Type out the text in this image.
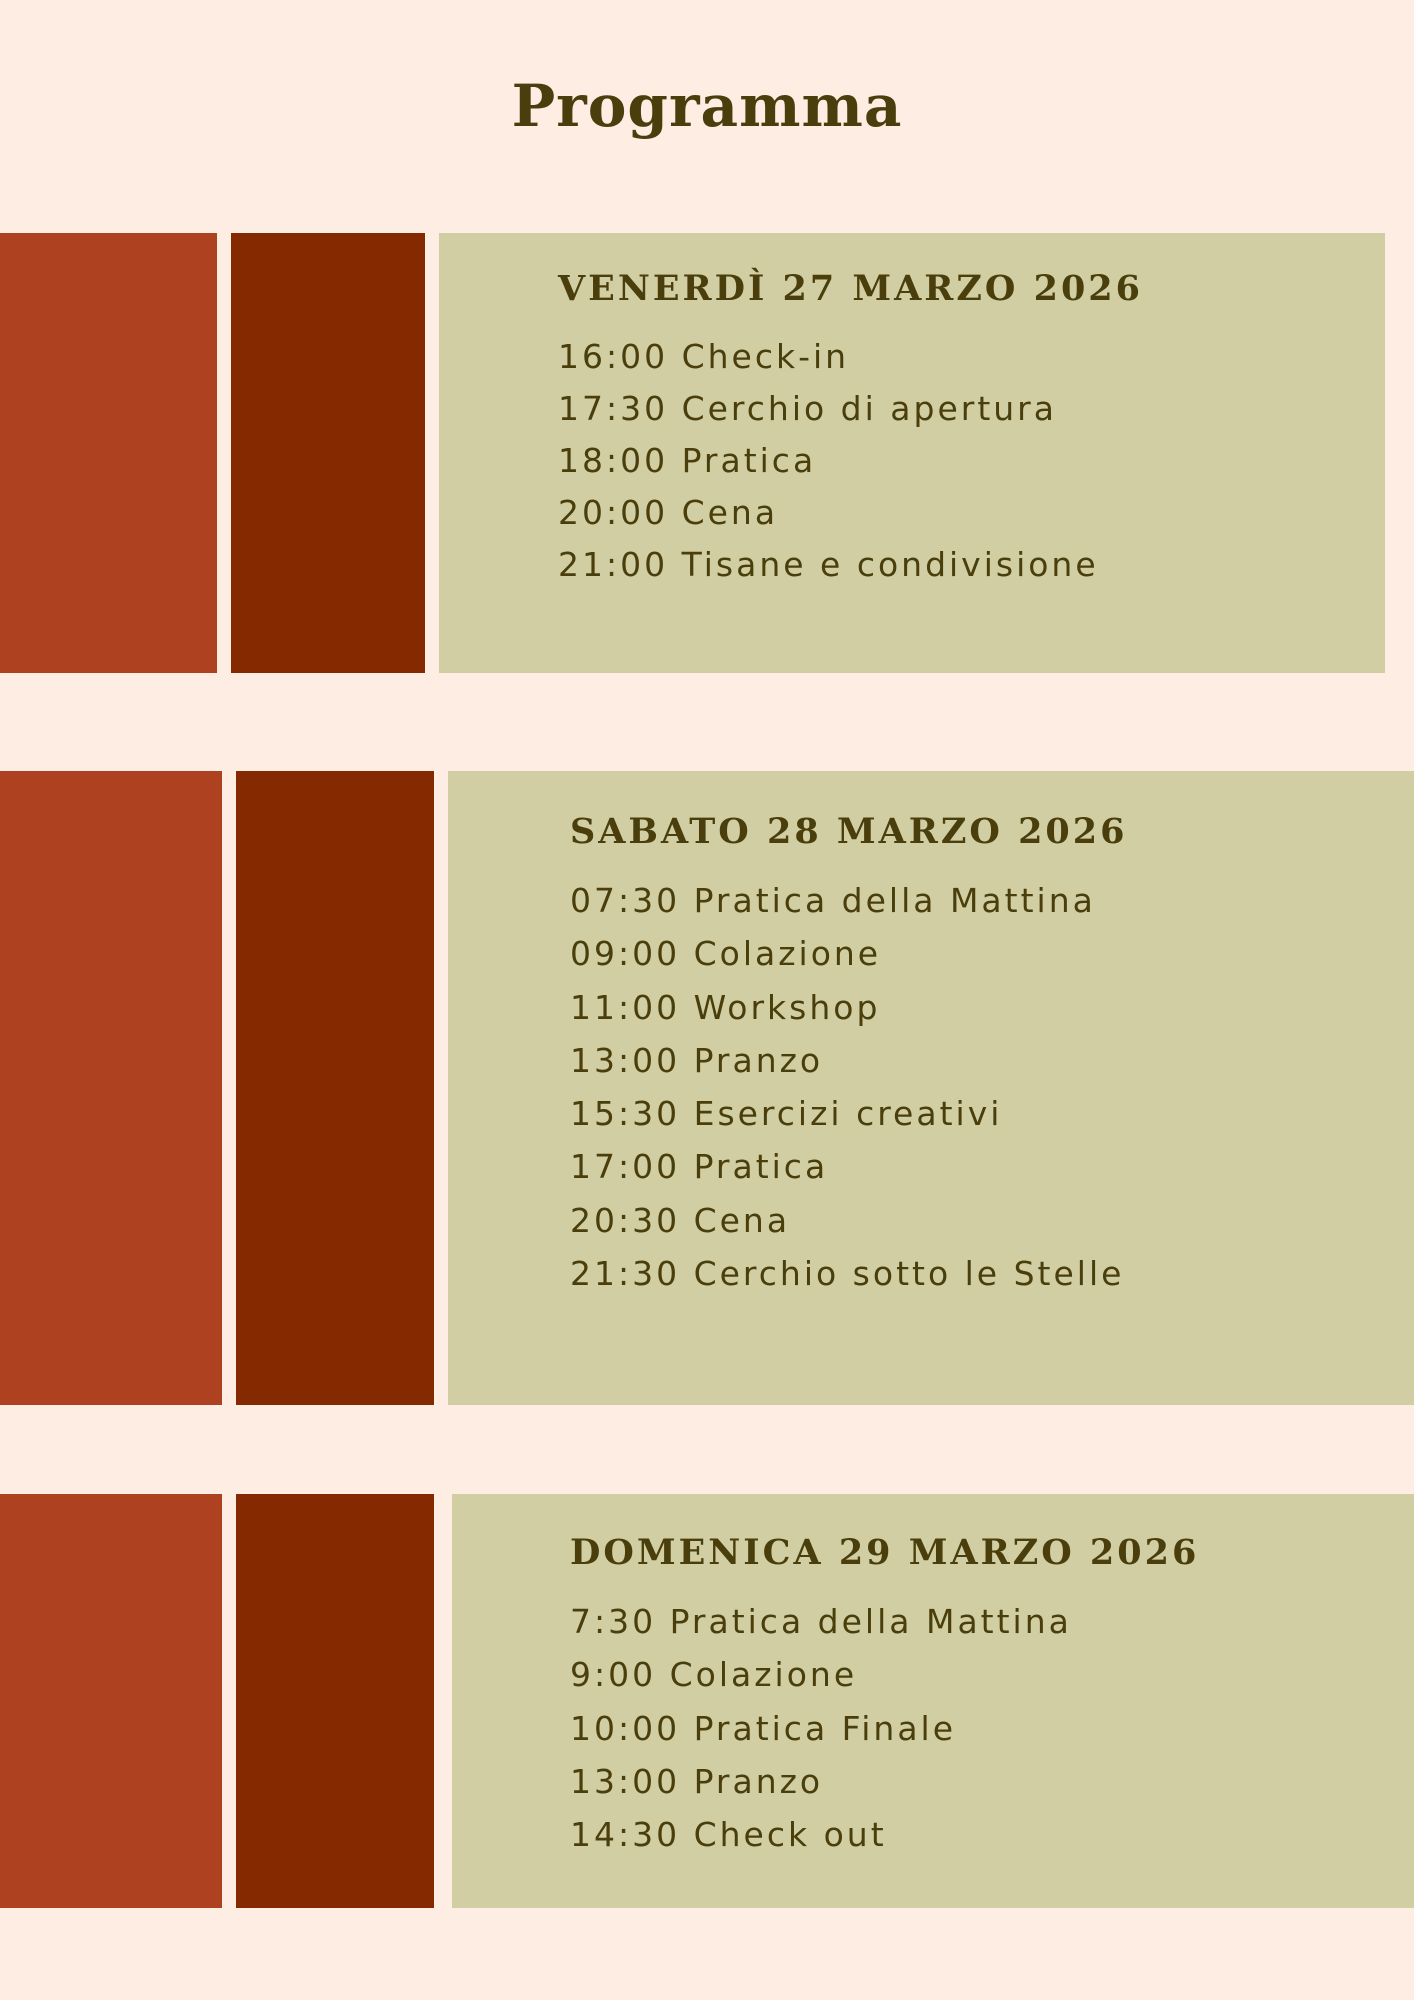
Programma
VENERDÌ 27 MARZO 2026
16:00 Check-in
17:30 Cerchio di apertura
18:00 Pratica
20:00 Cena
21:00 Tisane e condivisione
SABATO 28 MARZO 2026
07:30 Pratica della Mattina
09:00 Colazione
11:00 Workshop
13:00 Pranzo
15:30 Esercizi creativi
17:00 Pratica
20:30 Cena
21:30 Cerchio sotto le Stelle
DOMENICA 29 MARZO 2026
7:30 Pratica della Mattina
9:00 Colazione
10:00 Pratica Finale
13:00 Pranzo
14:30 Check out
